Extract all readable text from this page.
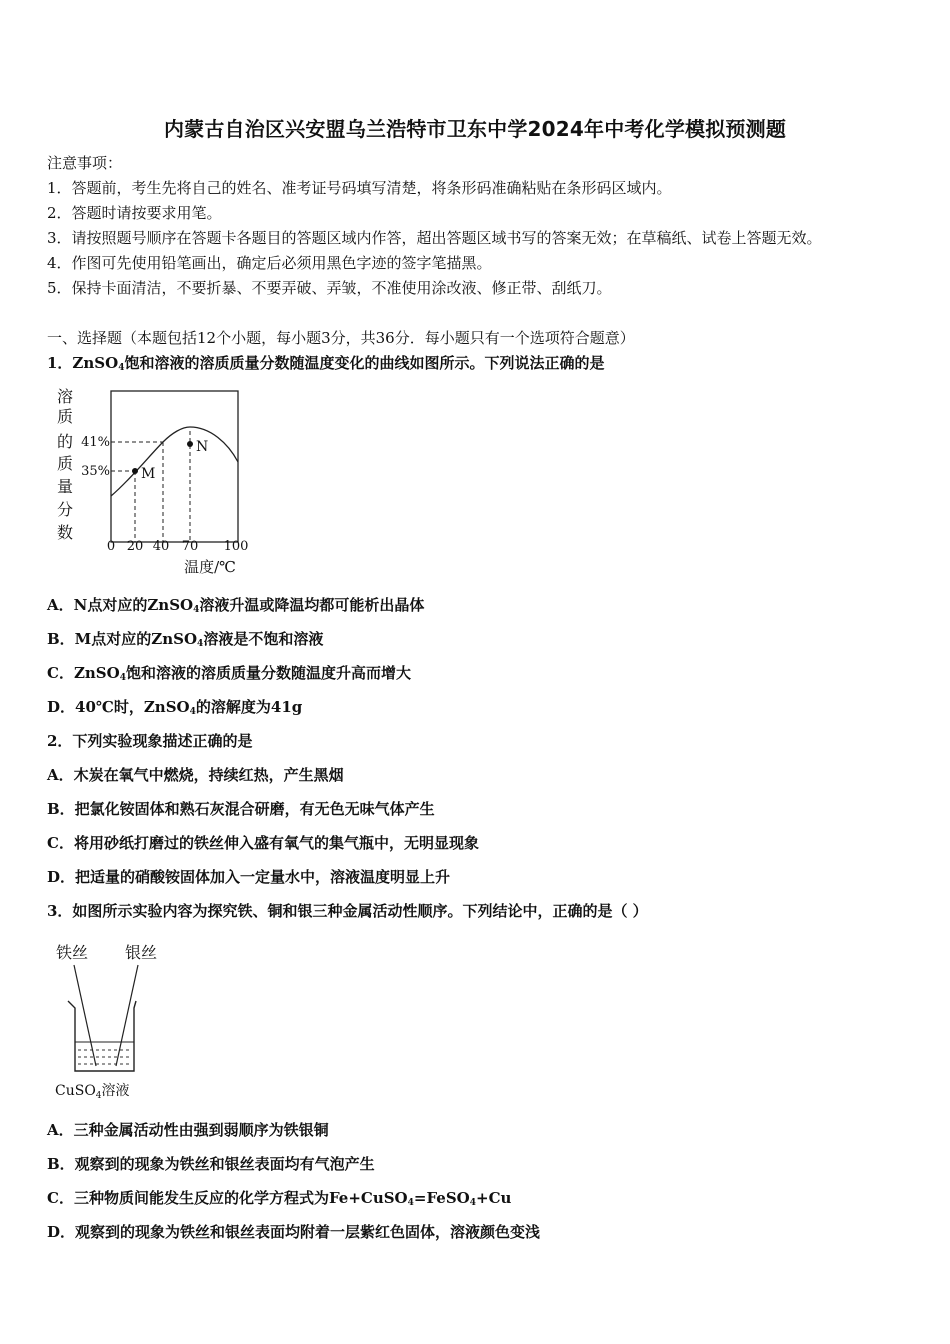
内蒙古自治区兴安盟乌兰浩特市卫东中学2024年中考化学模拟预测题
注意事项：
1．答题前，考生先将自己的姓名、准考证号码填写清楚，将条形码准确粘贴在条形码区域内。
2．答题时请按要求用笔。
3．请按照题号顺序在答题卡各题目的答题区域内作答，超出答题区域书写的答案无效；在草稿纸、试卷上答题无效。
4．作图可先使用铅笔画出，确定后必须用黑色字迹的签字笔描黑。
5．保持卡面清洁，不要折暴、不要弄破、弄皱，不准使用涂改液、修正带、刮纸刀。
一、选择题（本题包括12个小题，每小题3分，共36分．每小题只有一个选项符合题意）
1．ZnSO$_4$饱和溶液的溶质质量分数随温度变化的曲线如图所示。下列说法正确的是
溶
质
的
质
量
分
数
41%
35% M
N
0 20 40 70 100
温度/℃
A．N点对应的ZnSO$_4$溶液升温或降温均都可能析出晶体
B．M点对应的ZnSO$_4$溶液是不饱和溶液
C．ZnSO$_4$饱和溶液的溶质质量分数随温度升高而增大
D．40℃时，ZnSO$_4$的溶解度为41g
2．下列实验现象描述正确的是
A．木炭在氧气中燃烧，持续红热，产生黑烟
B．把氯化铵固体和熟石灰混合研磨，有无色无味气体产生
C．将用砂纸打磨过的铁丝伸入盛有氧气的集气瓶中，无明显现象
D．把适量的硝酸铵固体加入一定量水中，溶液温度明显上升
3．如图所示实验内容为探究铁、铜和银三种金属活动性顺序。下列结论中，正确的是（ ）
铁丝 银丝
CuSO$_4$溶液
A．三种金属活动性由强到弱顺序为铁银铜
B．观察到的现象为铁丝和银丝表面均有气泡产生
C．三种物质间能发生反应的化学方程式为Fe+CuSO$_4$=FeSO$_4$+Cu
D．观察到的现象为铁丝和银丝表面均附着一层紫红色固体，溶液颜色变浅
